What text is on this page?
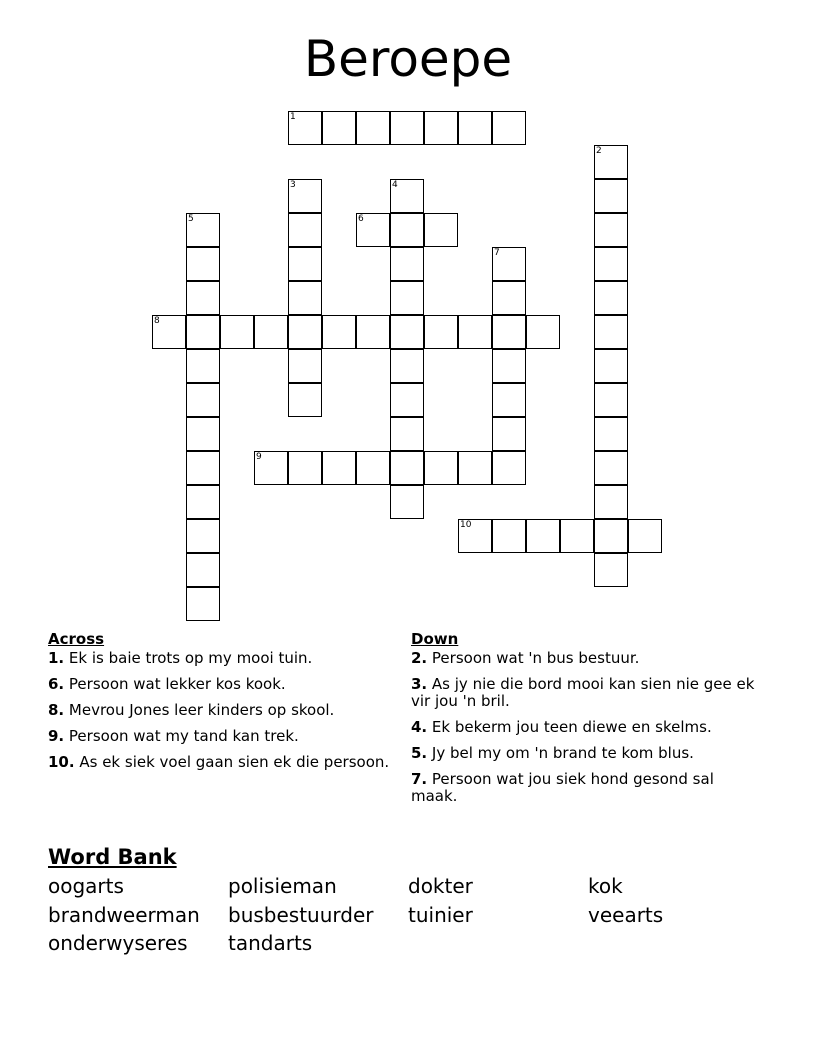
Beroepe
1
2
3	4
5	6
7
8
9
10
Across
1. Ek is baie trots op my mooi tuin.
6. Persoon wat lekker kos kook.
8. Mevrou Jones leer kinders op skool.
9. Persoon wat my tand kan trek.
10. As ek siek voel gaan sien ek die persoon.
Down
2. Persoon wat 'n bus bestuur.
3. As jy nie die bord mooi kan sien nie gee ek vir jou 'n bril.
4. Ek bekerm jou teen diewe en skelms.
5. Jy bel my om 'n brand te kom blus.
7. Persoon wat jou siek hond gesond sal maak.
Word Bank
oogarts	polisieman	dokter	kok
brandweerman busbestuurder tuinier	veearts
onderwyseres tandarts
